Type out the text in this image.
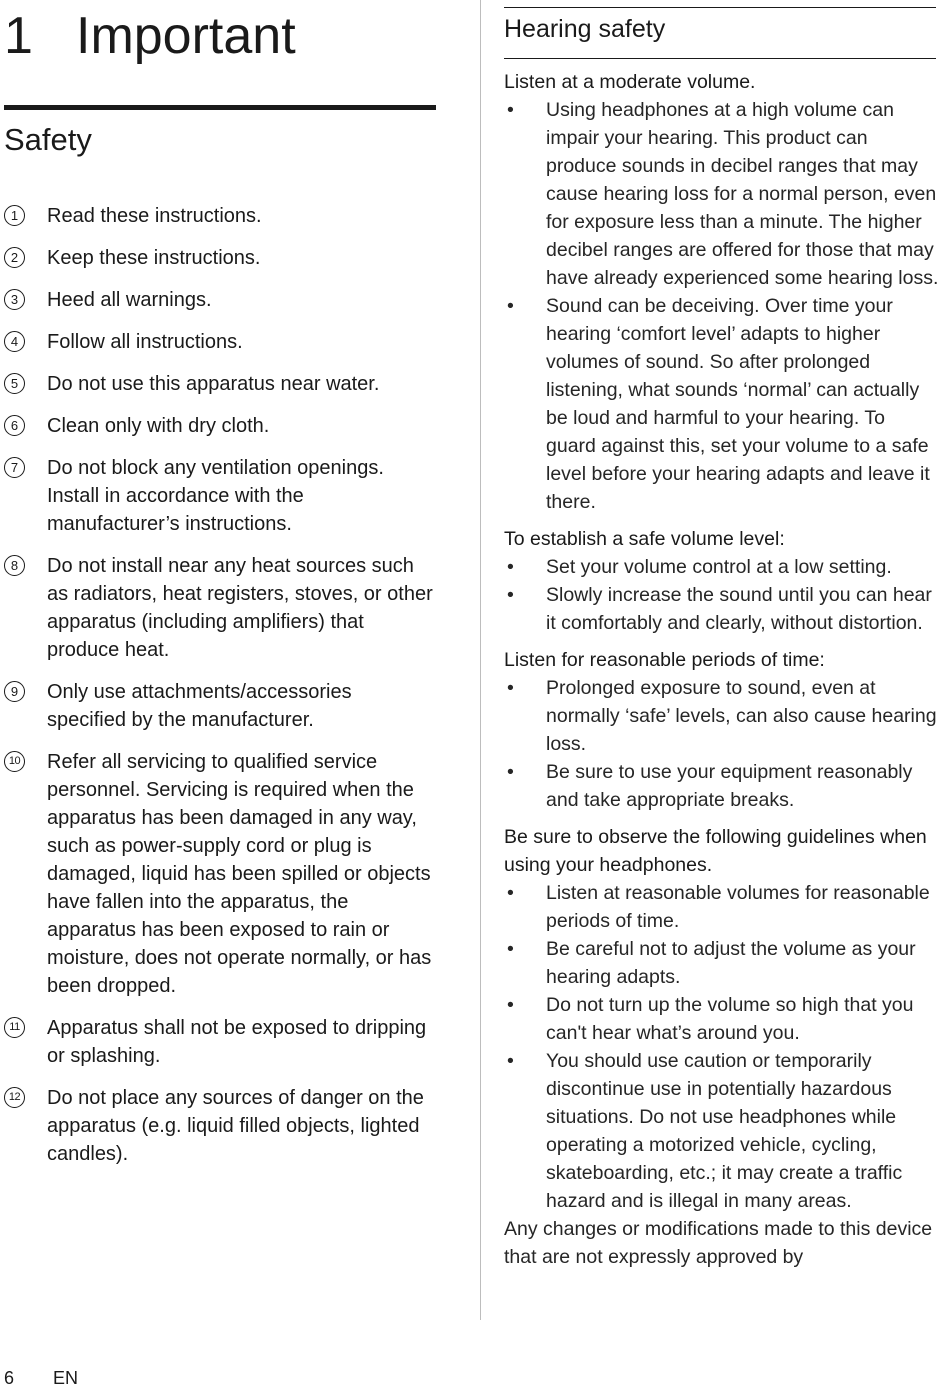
1 Important
Safety
1	Read these instructions.
2	Keep these instructions.
3	Heed all warnings.
4	Follow all instructions.
5	Do not use this apparatus near water.
6	Clean only with dry cloth.
7	Do not block any ventilation openings. Install in accordance with the manufacturer’s instructions.
8	Do not install near any heat sources such as radiators, heat registers, stoves, or other apparatus (including amplifiers) that produce heat.
9	Only use attachments/accessories specified by the manufacturer.
10 Refer all servicing to qualified service personnel. Servicing is required when the apparatus has been damaged in any way, such as power-supply cord or plug is damaged, liquid has been spilled or objects have fallen into the apparatus, the apparatus has been exposed to rain or moisture, does not operate normally, or has been dropped.
11 Apparatus shall not be exposed to dripping or splashing.
12 Do not place any sources of danger on the apparatus (e.g. liquid filled objects, lighted candles).
Hearing safety

Listen at a moderate volume.

• Using headphones at a high volume can impair your hearing. This product can produce sounds in decibel ranges that may cause hearing loss for a normal person, even for exposure less than a minute. The higher decibel ranges are offered for those that may have already experienced some hearing loss.
• Sound can be deceiving. Over time your hearing ‘comfort level’ adapts to higher volumes of sound. So after prolonged listening, what sounds ‘normal’ can actually be loud and harmful to your hearing. To guard against this, set your volume to a safe level before your hearing adapts and leave it there.

To establish a safe volume level:

• Set your volume control at a low setting.
• Slowly increase the sound until you can hear it comfortably and clearly, without distortion.

Listen for reasonable periods of time:

• Prolonged exposure to sound, even at normally ‘safe’ levels, can also cause hearing loss.
• Be sure to use your equipment reasonably and take appropriate breaks.

Be sure to observe the following guidelines when using your headphones.

• Listen at reasonable volumes for reasonable periods of time.
• Be careful not to adjust the volume as your hearing adapts.
• Do not turn up the volume so high that you can't hear what’s around you.
• You should use caution or temporarily discontinue use in potentially hazardous situations. Do not use headphones while operating a motorized vehicle, cycling, skateboarding, etc.; it may create a traffic hazard and is illegal in many areas.

Any changes or modifications made to this device that are not expressly approved by

6 EN
